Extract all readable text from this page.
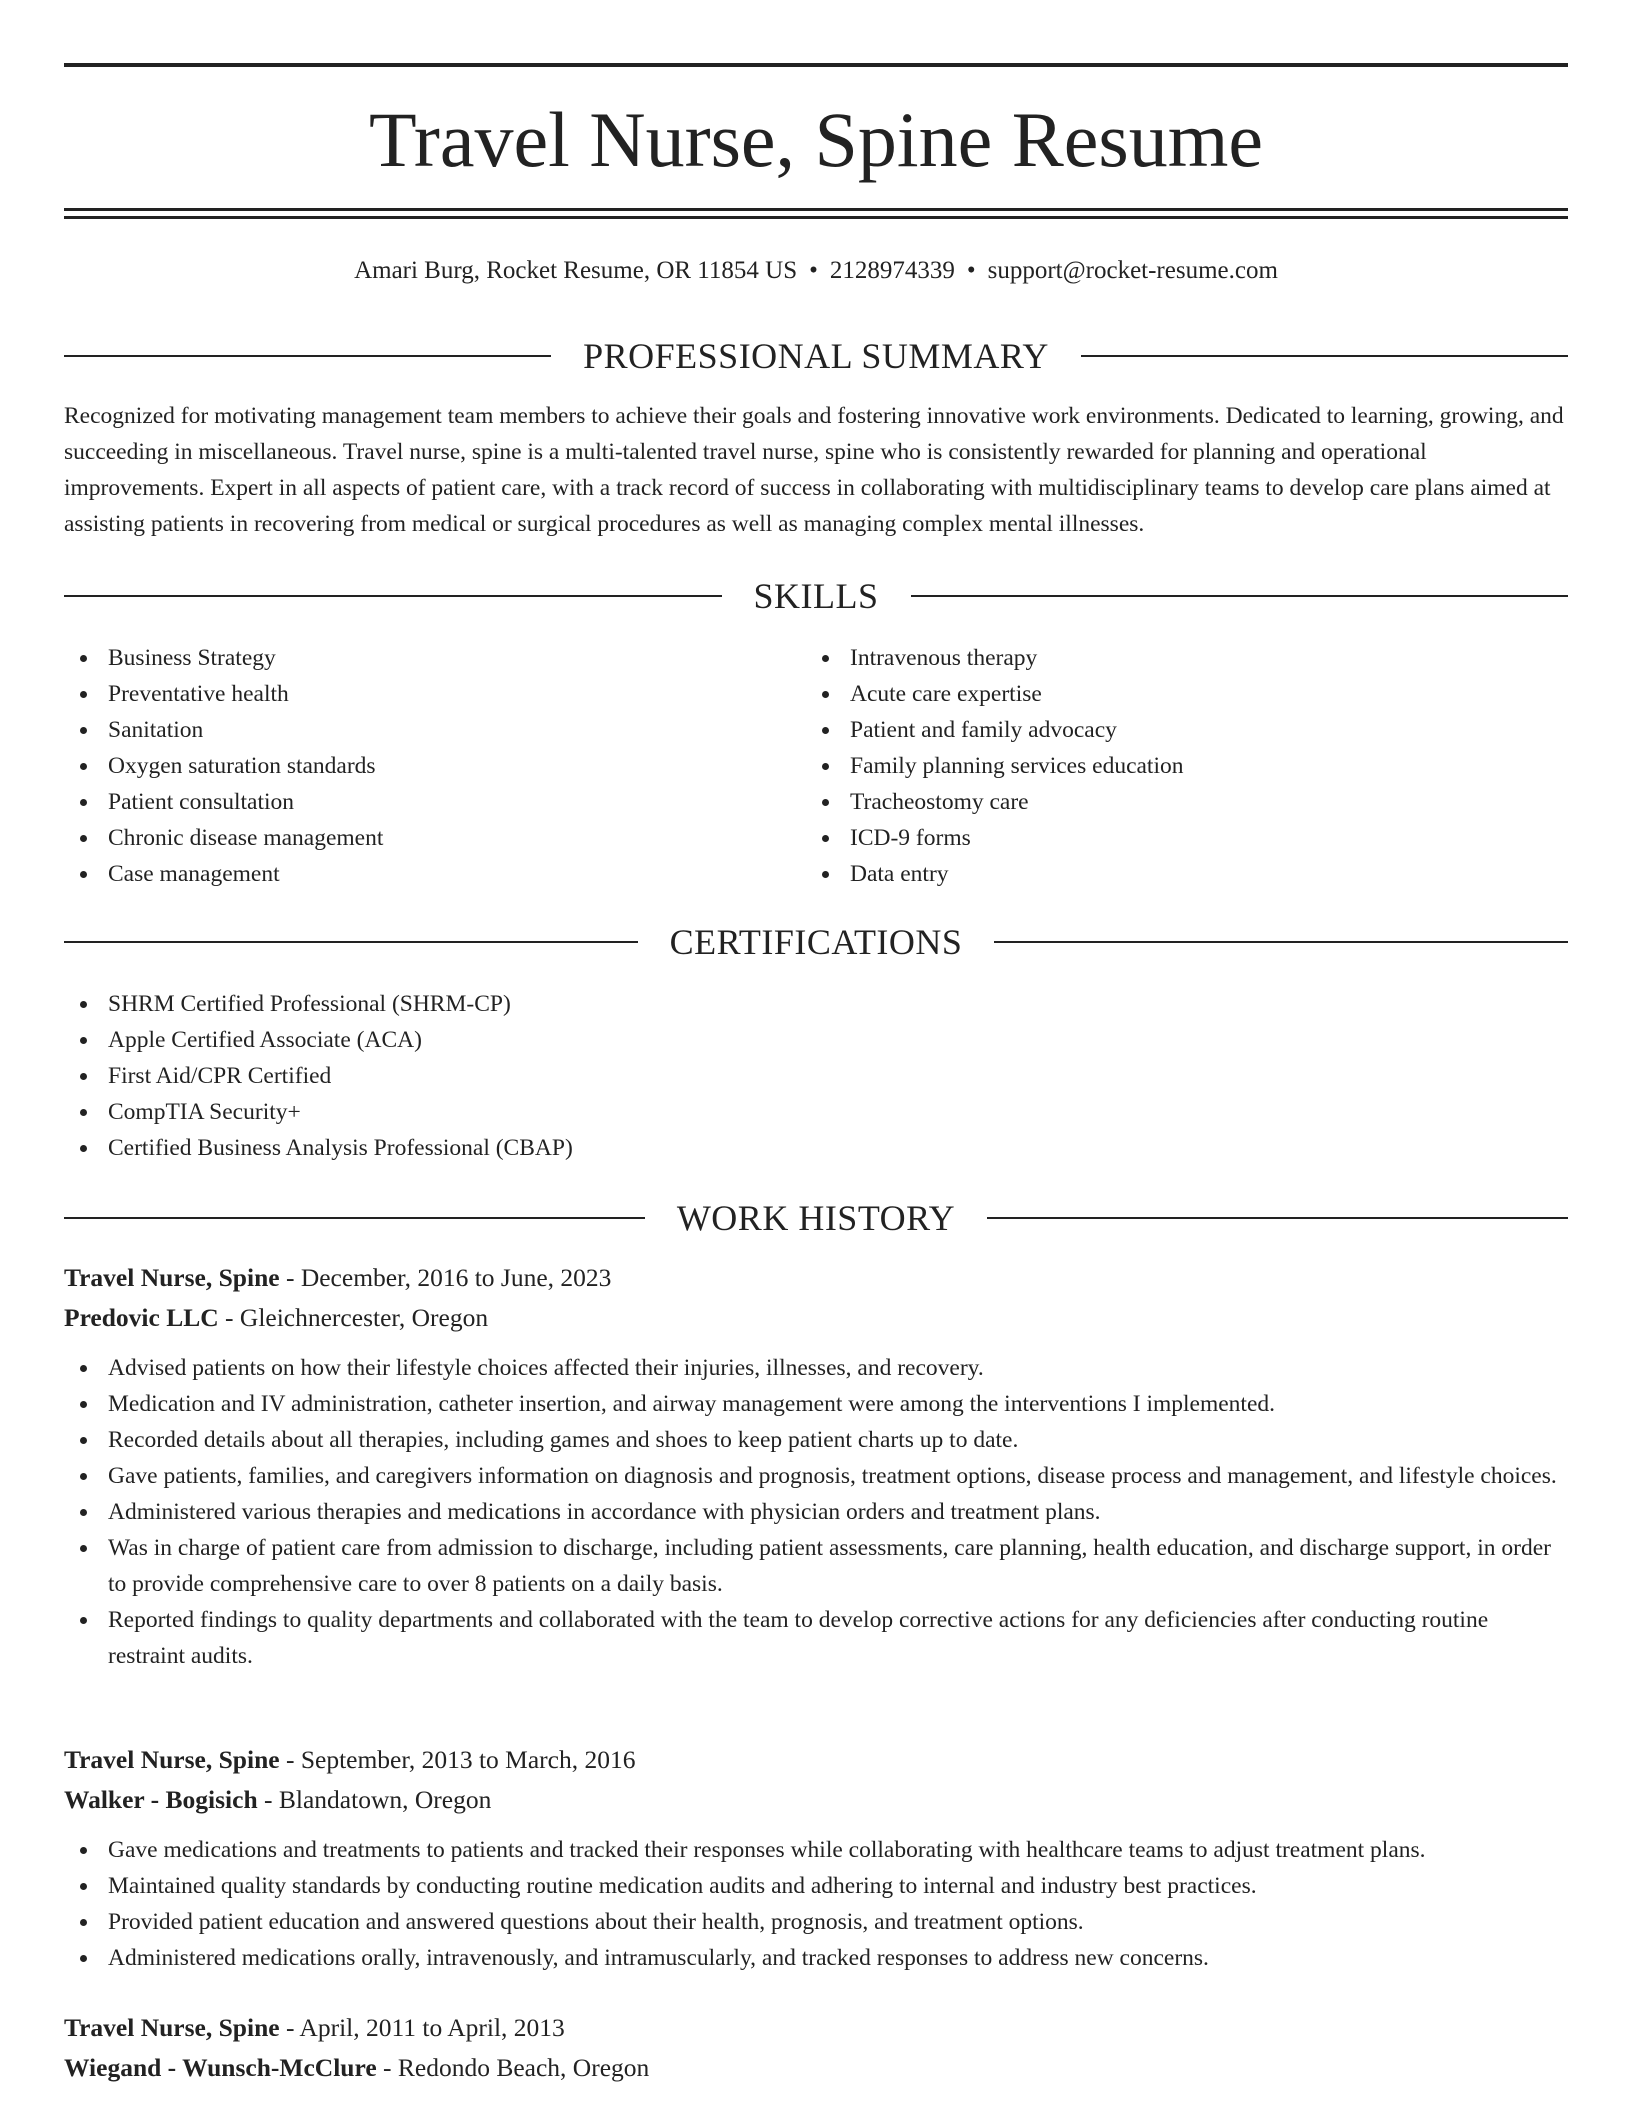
Travel Nurse, Spine Resume
Amari Burg, Rocket Resume, OR 11854 US • 2128974339 • support@rocket-resume.com
PROFESSIONAL SUMMARY

Recognized for motivating management team members to achieve their goals and fostering innovative work environments. Dedicated to learning, growing, and succeeding in miscellaneous. Travel nurse, spine is a multi-talented travel nurse, spine who is consistently rewarded for planning and operational improvements. Expert in all aspects of patient care, with a track record of success in collaborating with multidisciplinary teams to develop care plans aimed at assisting patients in recovering from medical or surgical procedures as well as managing complex mental illnesses.

SKILLS
Business Strategy
Preventative health
Sanitation
Oxygen saturation standards
Patient consultation
Chronic disease management
Case management
Intravenous therapy
Acute care expertise
Patient and family advocacy
Family planning services education
Tracheostomy care
ICD-9 forms
Data entry
CERTIFICATIONS
SHRM Certified Professional (SHRM-CP)
Apple Certified Associate (ACA)
First Aid/CPR Certified
CompTIA Security+
Certified Business Analysis Professional (CBAP)
WORK HISTORY
Travel Nurse, Spine - December, 2016 to June, 2023
Predovic LLC - Gleichnercester, Oregon
Advised patients on how their lifestyle choices affected their injuries, illnesses, and recovery.
Medication and IV administration, catheter insertion, and airway management were among the interventions I implemented.
Recorded details about all therapies, including games and shoes to keep patient charts up to date.
Gave patients, families, and caregivers information on diagnosis and prognosis, treatment options, disease process and management, and lifestyle choices.
Administered various therapies and medications in accordance with physician orders and treatment plans.
Was in charge of patient care from admission to discharge, including patient assessments, care planning, health education, and discharge support, in order to provide comprehensive care to over 8 patients on a daily basis.
Reported findings to quality departments and collaborated with the team to develop corrective actions for any deficiencies after conducting routine restraint audits.
Travel Nurse, Spine - September, 2013 to March, 2016
Walker - Bogisich - Blandatown, Oregon
Gave medications and treatments to patients and tracked their responses while collaborating with healthcare teams to adjust treatment plans.
Maintained quality standards by conducting routine medication audits and adhering to internal and industry best practices.
Provided patient education and answered questions about their health, prognosis, and treatment options.
Administered medications orally, intravenously, and intramuscularly, and tracked responses to address new concerns.
Travel Nurse, Spine - April, 2011 to April, 2013
Wiegand - Wunsch-McClure - Redondo Beach, Oregon
